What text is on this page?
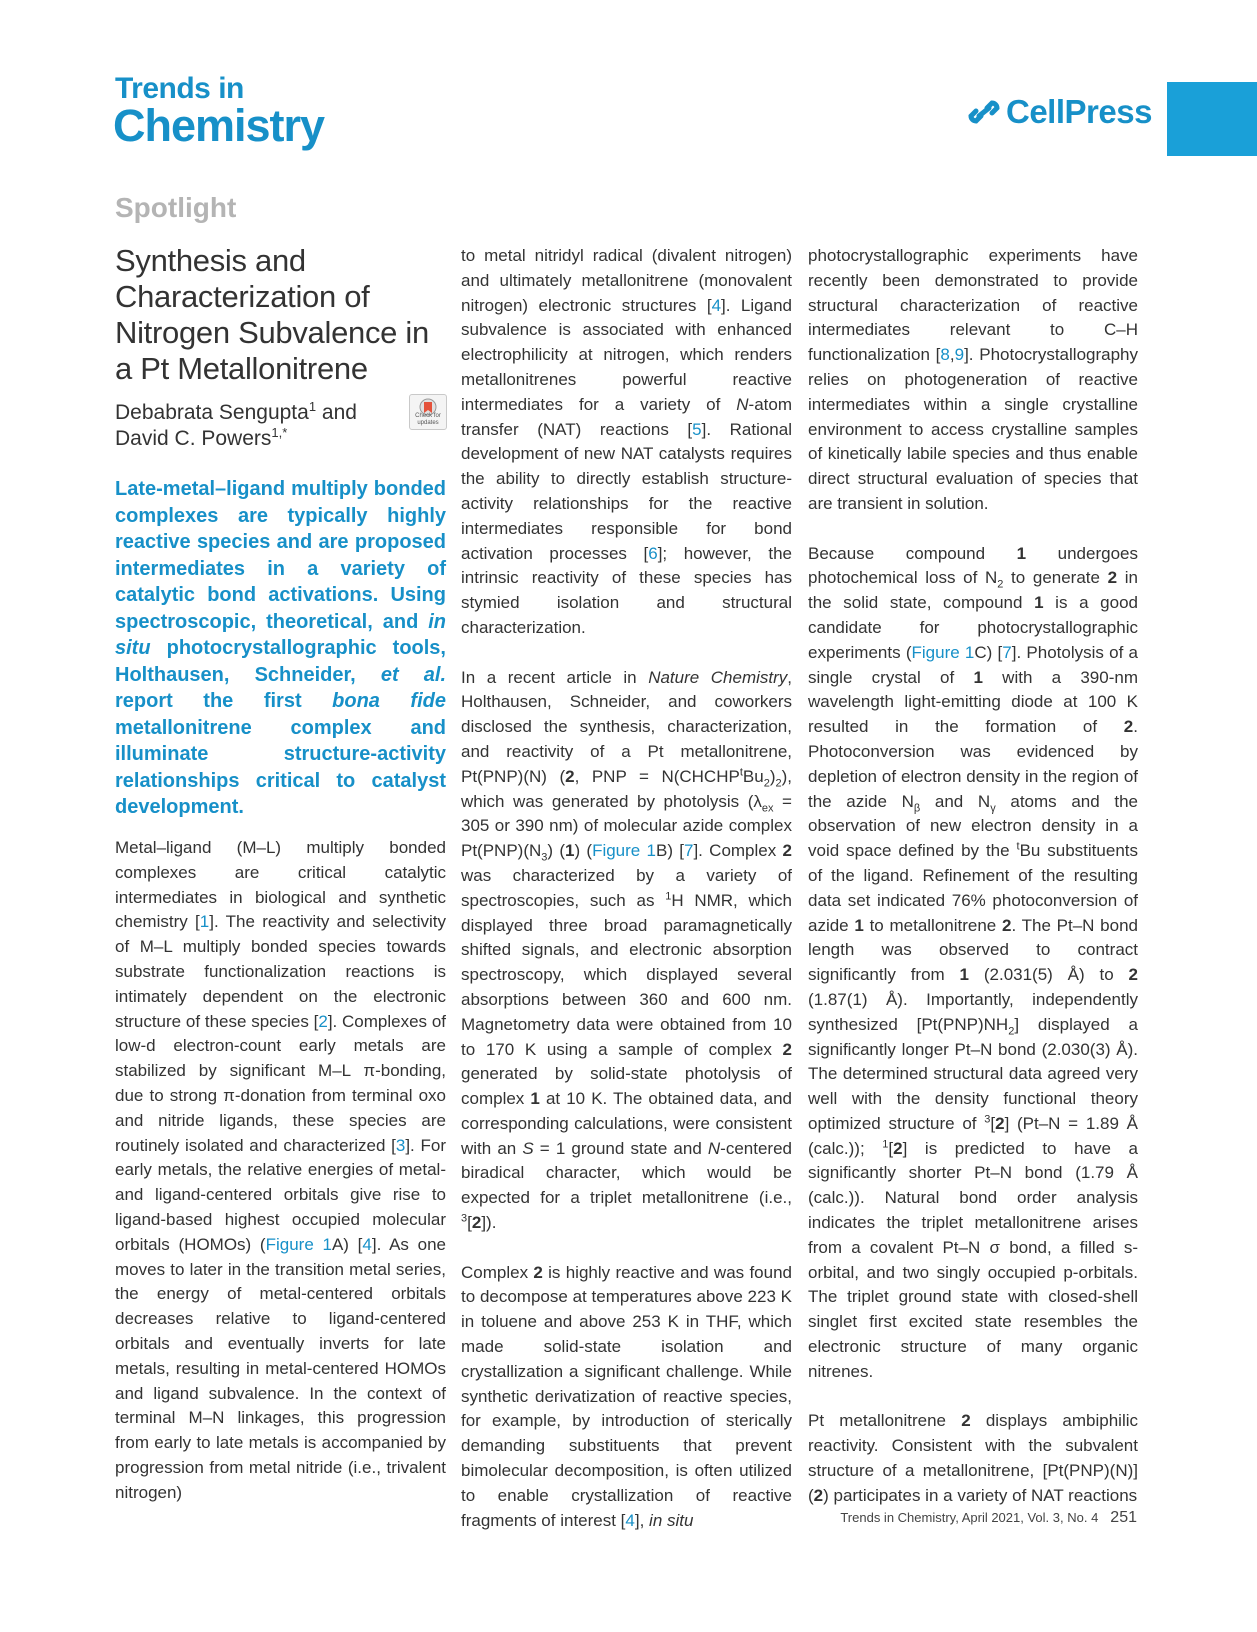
Trends in
Chemistry	CellPress
Spotlight
Synthesis and Characterization of Nitrogen Subvalence in a Pt Metallonitrene
Debabrata Sengupta$^1$ and David C. Powers$^{1,*}$
Check for updates
Late-metal–ligand multiply bonded complexes are typically highly reactive species and are proposed intermediates in a variety of catalytic bond activations. Using spectroscopic, theoretical, and in situ photocrystallographic tools, Holthausen, Schneider, et al. report the first bona fide metallonitrene complex and illuminate structure-activity relationships critical to catalyst development.

Metal–ligand (M–L) multiply bonded complexes are critical catalytic intermediates in biological and synthetic chemistry [1]. The reactivity and selectivity of M–L multiply bonded species towards substrate functionalization reactions is intimately dependent on the electronic structure of these species [2]. Complexes of low-d electron-count early metals are stabilized by significant M–L π-bonding, due to strong π-donation from terminal oxo and nitride ligands, these species are routinely isolated and characterized [3]. For early metals, the relative energies of metal- and ligand-centered orbitals give rise to ligand-based highest occupied molecular orbitals (HOMOs) (Figure 1A) [4]. As one moves to later in the transition metal series, the energy of metal-centered orbitals decreases relative to ligand-centered orbitals and eventually inverts for late metals, resulting in metal-centered HOMOs and ligand subvalence. In the context of terminal M–N linkages, this progression from early to late metals is accompanied by progression from metal nitride (i.e., trivalent nitrogen)

to metal nitridyl radical (divalent nitrogen) and ultimately metallonitrene (monovalent nitrogen) electronic structures [4]. Ligand subvalence is associated with enhanced electrophilicity at nitrogen, which renders metallonitrenes powerful reactive intermediates for a variety of N-atom transfer (NAT) reactions [5]. Rational development of new NAT catalysts requires the ability to directly establish structure-activity relationships for the reactive intermediates responsible for bond activation processes [6]; however, the intrinsic reactivity of these species has stymied isolation and structural characterization.

In a recent article in Nature Chemistry, Holthausen, Schneider, and coworkers disclosed the synthesis, characterization, and reactivity of a Pt metallonitrene, Pt(PNP)(N) (2, PNP = $N(CHCHP^tBu_2)_2$), which was generated by photolysis ($\lambda_{ex} = 305$ or 390 nm) of molecular azide complex $Pt(PNP)(N_3)$ (1) (Figure 1B) [7]. Complex 2 was characterized by a variety of spectroscopies, such as $^1$H NMR, which displayed three broad paramagnetically shifted signals, and electronic absorption spectroscopy, which displayed several absorptions between 360 and 600 nm. Magnetometry data were obtained from 10 to 170 K using a sample of complex 2 generated by solid-state photolysis of complex 1 at 10 K. The obtained data, and corresponding calculations, were consistent with an S = 1 ground state and N-centered biradical character, which would be expected for a triplet metallonitrene (i.e., $^3$[2]).

Complex 2 is highly reactive and was found to decompose at temperatures above 223 K in toluene and above 253 K in THF, which made solid-state isolation and crystallization a significant challenge. While synthetic derivatization of reactive species, for example, by introduction of sterically demanding substituents that prevent bimolecular decomposition, is often utilized to enable crystallization of reactive fragments of interest [4], in situ

photocrystallographic experiments have recently been demonstrated to provide structural characterization of reactive intermediates relevant to C–H functionalization [8,9]. Photocrystallography relies on photogeneration of reactive intermediates within a single crystalline environment to access crystalline samples of kinetically labile species and thus enable direct structural evaluation of species that are transient in solution.

Because compound 1 undergoes photochemical loss of $N_2$ to generate 2 in the solid state, compound 1 is a good candidate for photocrystallographic experiments (Figure 1C) [7]. Photolysis of a single crystal of 1 with a 390-nm wavelength light-emitting diode at 100 K resulted in the formation of 2. Photoconversion was evidenced by depletion of electron density in the region of the azide $N_\beta$ and $N_\gamma$ atoms and the observation of new electron density in a void space defined by the $^t$Bu substituents of the ligand. Refinement of the resulting data set indicated 76% photoconversion of azide 1 to metallonitrene 2. The Pt–N bond length was observed to contract significantly from 1 (2.031(5) Å) to 2 (1.87(1) Å). Importantly, independently synthesized $[Pt(PNP)NH_2]$ displayed a significantly longer Pt–N bond (2.030(3) Å). The determined structural data agreed very well with the density functional theory optimized structure of $^3$[2] (Pt–N = 1.89 Å (calc.)); $^1$[2] is predicted to have a significantly shorter Pt–N bond (1.79 Å (calc.)). Natural bond order analysis indicates the triplet metallonitrene arises from a covalent Pt–N σ bond, a filled s-orbital, and two singly occupied p-orbitals. The triplet ground state with closed-shell singlet first excited state resembles the electronic structure of many organic nitrenes.

Pt metallonitrene 2 displays ambiphilic reactivity. Consistent with the subvalent structure of a metallonitrene, [Pt(PNP)(N)] (2) participates in a variety of NAT reactions

Trends in Chemistry, April 2021, Vol. 3, No. 4 251
